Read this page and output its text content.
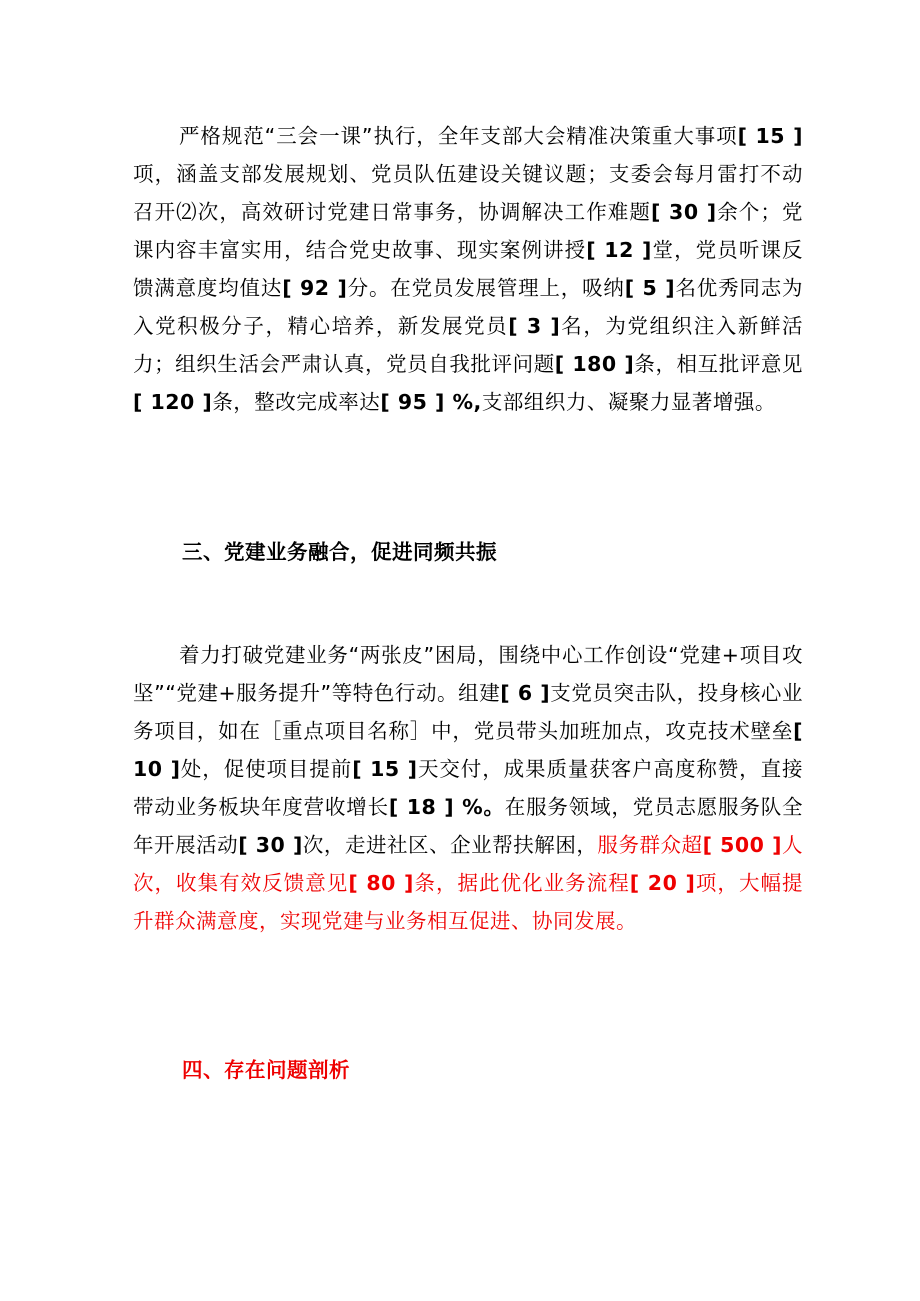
严格规范“三会一课”执行，全年支部大会精准决策重大事项[ 15 ]项，涵盖支部发展规划、党员队伍建设关键议题；支委会每月雷打不动召开⑵次，高效研讨党建日常事务，协调解决工作难题[ 30 ]余个；党课内容丰富实用，结合党史故事、现实案例讲授[ 12 ]堂，党员听课反馈满意度均值达[ 92 ]分。在党员发展管理上，吸纳[ 5 ]名优秀同志为入党积极分子，精心培养，新发展党员[ 3 ]名，为党组织注入新鲜活力；组织生活会严肃认真，党员自我批评问题[ 180 ]条，相互批评意见[ 120 ]条，整改完成率达[ 95 ] %,支部组织力、凝聚力显著增强。

三、党建业务融合，促进同频共振

着力打破党建业务“两张皮”困局，围绕中心工作创设“党建+项目攻坚”“党建+服务提升”等特色行动。组建[ 6 ]支党员突击队，投身核心业务项目，如在［重点项目名称］中，党员带头加班加点，攻克技术壁垒[ 10 ]处，促使项目提前[ 15 ]天交付，成果质量获客户高度称赞，直接带动业务板块年度营收增长[ 18 ] %。在服务领域，党员志愿服务队全年开展活动[ 30 ]次，走进社区、企业帮扶解困，服务群众超[ 500 ]人次，收集有效反馈意见[ 80 ]条，据此优化业务流程[ 20 ]项，大幅提升群众满意度，实现党建与业务相互促进、协同发展。

四、存在问题剖析
